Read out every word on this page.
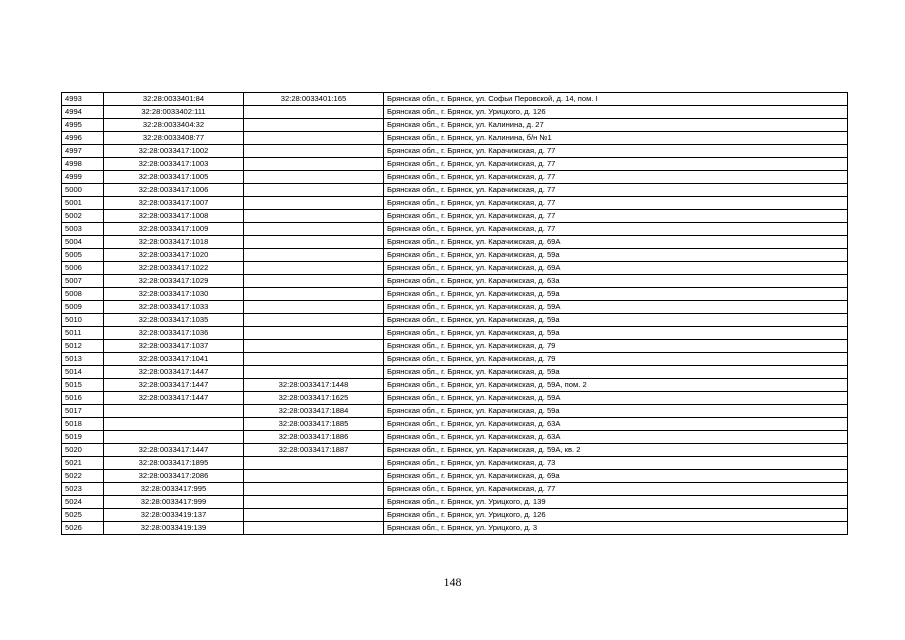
4993	32:28:0033401:84	32:28:0033401:165	Брянская обл., г. Брянск, ул. Софьи Перовской, д. 14, пом. I
4994	32:28:0033402:111		Брянская обл., г. Брянск, ул. Урицкого, д. 126
4995	32:28:0033404:32		Брянская обл., г. Брянск, ул. Калинина, д. 27
4996	32:28:0033408:77		Брянская обл., г. Брянск, ул. Калинина, б/н №1
4997	32:28:0033417:1002		Брянская обл., г. Брянск, ул. Карачижская, д. 77
4998	32:28:0033417:1003		Брянская обл., г. Брянск, ул. Карачижская, д. 77
4999	32:28:0033417:1005		Брянская обл., г. Брянск, ул. Карачижская, д. 77
5000	32:28:0033417:1006		Брянская обл., г. Брянск, ул. Карачижская, д. 77
5001	32:28:0033417:1007		Брянская обл., г. Брянск, ул. Карачижская, д. 77
5002	32:28:0033417:1008		Брянская обл., г. Брянск, ул. Карачижская, д. 77
5003	32:28:0033417:1009		Брянская обл., г. Брянск, ул. Карачижская, д. 77
5004	32:28:0033417:1018		Брянская обл., г. Брянск, ул. Карачижская, д. 69А
5005	32:28:0033417:1020		Брянская обл., г. Брянск, ул. Карачижская, д. 59а
5006	32:28:0033417:1022		Брянская обл., г. Брянск, ул. Карачижская, д. 69А
5007	32:28:0033417:1029		Брянская обл., г. Брянск, ул. Карачижская, д. 63а
5008	32:28:0033417:1030		Брянская обл., г. Брянск, ул. Карачижская, д. 59а
5009	32:28:0033417:1033		Брянская обл., г. Брянск, ул. Карачижская, д. 59А
5010	32:28:0033417:1035		Брянская обл., г. Брянск, ул. Карачижская, д. 59а
5011	32:28:0033417:1036		Брянская обл., г. Брянск, ул. Карачижская, д. 59а
5012	32:28:0033417:1037		Брянская обл., г. Брянск, ул. Карачижская, д. 79
5013	32:28:0033417:1041		Брянская обл., г. Брянск, ул. Карачижская, д. 79
5014	32:28:0033417:1447		Брянская обл., г. Брянск, ул. Карачижская, д. 59а
5015	32:28:0033417:1447	32:28:0033417:1448	Брянская обл., г. Брянск, ул. Карачижская, д. 59А, пом. 2
5016	32:28:0033417:1447	32:28:0033417:1625	Брянская обл., г. Брянск, ул. Карачижская, д. 59А
5017		32:28:0033417:1884	Брянская обл., г. Брянск, ул. Карачижская, д. 59а
5018		32:28:0033417:1885	Брянская обл., г. Брянск, ул. Карачижская, д. 63А
5019		32:28:0033417:1886	Брянская обл., г. Брянск, ул. Карачижская, д. 63А
5020	32:28:0033417:1447	32:28:0033417:1887	Брянская обл., г. Брянск, ул. Карачижская, д. 59А, кв. 2
5021	32:28:0033417:1895		Брянская обл., г. Брянск, ул. Карачижская, д. 73
5022	32:28:0033417:2086		Брянская обл., г. Брянск, ул. Карачижская, д. 69а
5023	32:28:0033417:995		Брянская обл., г. Брянск, ул. Карачижская, д. 77
5024	32:28:0033417:999		Брянская обл., г. Брянск, ул. Урицкого, д. 139
5025	32:28:0033419:137		Брянская обл., г. Брянск, ул. Урицкого, д. 126
5026	32:28:0033419:139		Брянская обл., г. Брянск, ул. Урицкого, д. 3
148
